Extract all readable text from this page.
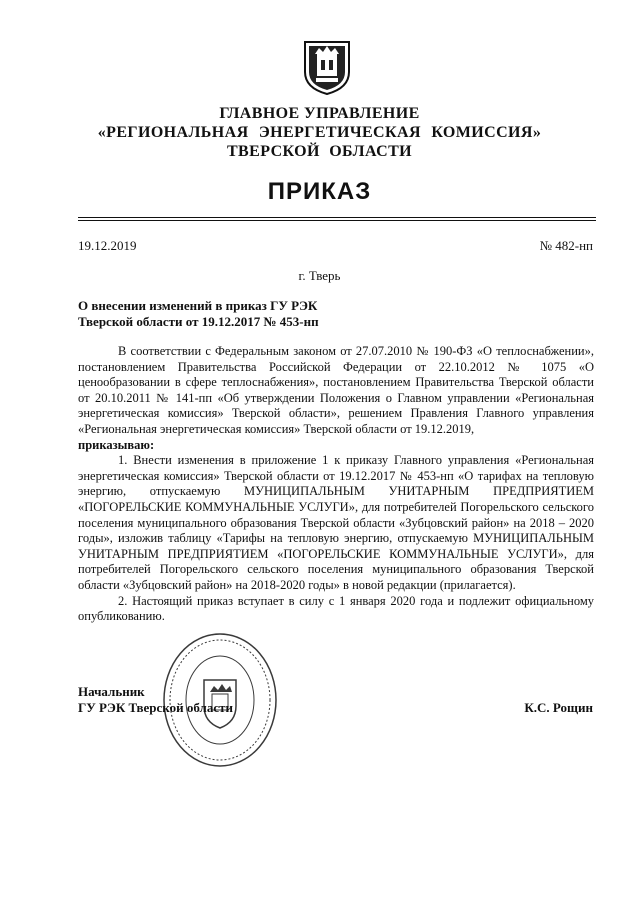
ГЛАВНОЕ УПРАВЛЕНИЕ
«РЕГИОНАЛЬНАЯ ЭНЕРГЕТИЧЕСКАЯ КОМИССИЯ»
ТВЕРСКОЙ ОБЛАСТИ
ПРИКАЗ
19.12.2019	№ 482-нп
г. Тверь
О внесении изменений в приказ ГУ РЭК
Тверской области от 19.12.2017 № 453-нп

В соответствии с Федеральным законом от 27.07.2010 № 190-ФЗ «О теплоснабжении», постановлением Правительства Российской Федерации от 22.10.2012 № 1075 «О ценообразовании в сфере теплоснабжения», постановлением Правительства Тверской области от 20.10.2011 № 141-пп «Об утверждении Положения о Главном управлении «Региональная энергетическая комиссия» Тверской области», решением Правления Главного управления «Региональная энергетическая комиссия» Тверской области от 19.12.2019,

приказываю:

1. Внести изменения в приложение 1 к приказу Главного управления «Региональная энергетическая комиссия» Тверской области от 19.12.2017 № 453-нп «О тарифах на тепловую энергию, отпускаемую МУНИЦИПАЛЬНЫМ УНИТАРНЫМ ПРЕДПРИЯТИЕМ «ПОГОРЕЛЬСКИЕ КОММУНАЛЬНЫЕ УСЛУГИ», для потребителей Погорельского сельского поселения муниципального образования Тверской области «Зубцовский район» на 2018 – 2020 годы», изложив таблицу «Тарифы на тепловую энергию, отпускаемую МУНИЦИПАЛЬНЫМ УНИТАРНЫМ ПРЕДПРИЯТИЕМ «ПОГОРЕЛЬСКИЕ КОММУНАЛЬНЫЕ УСЛУГИ», для потребителей Погорельского сельского поселения муниципального образования Тверской области «Зубцовский район» на 2018-2020 годы» в новой редакции (прилагается).

2. Настоящий приказ вступает в силу с 1 января 2020 года и подлежит официальному опубликованию.

Начальник
ГУ РЭК Тверской области	К.С. Рощин
